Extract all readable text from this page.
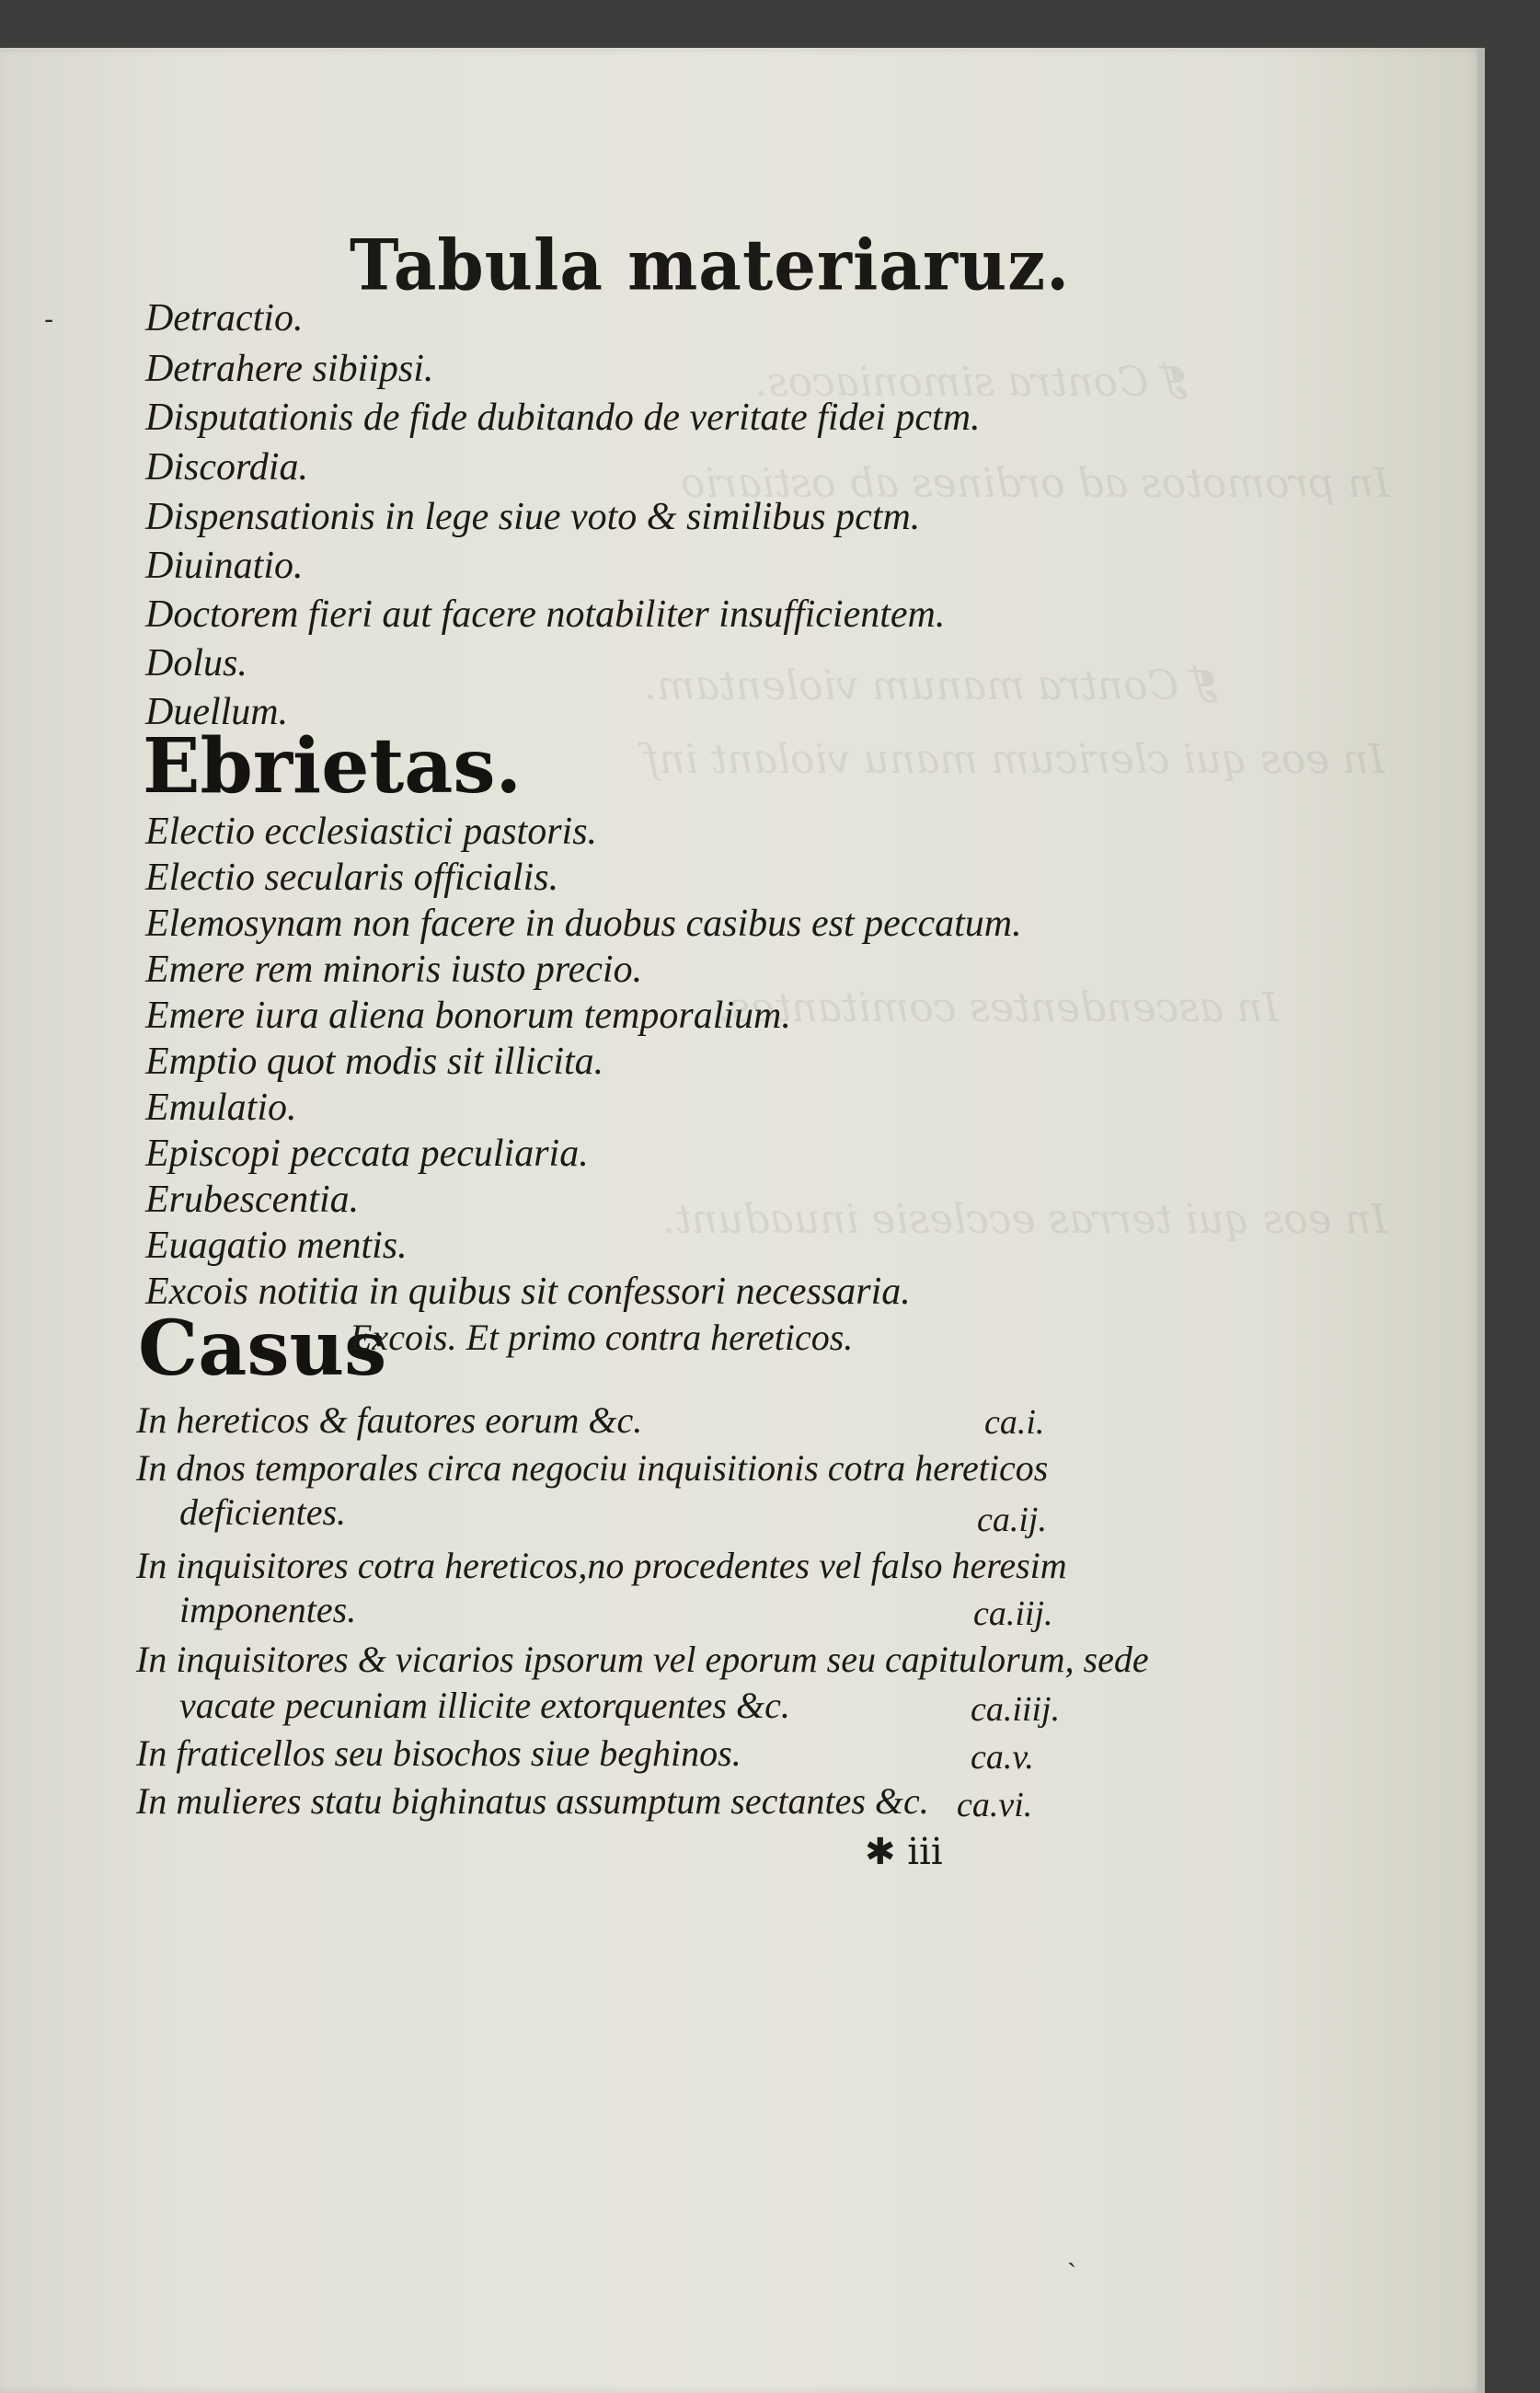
❡ Contra simoniacos.
In promotos ad ordines ab ostiario
❡ Contra manum violentam.
In eos qui clericum manu violant inf
In ascendentes comitantes.
In eos qui terras ecclesie inuadunt.
Tabula materiaruz.
Detractio.
Detrahere sibiipsi.
Disputationis de fide dubitando de veritate fidei pctm.
Discordia.
Dispensationis in lege siue voto & similibus pctm.
Diuinatio.
Doctorem fieri aut facere notabiliter insufficientem.
Dolus.
Duellum.
Ebrietas.
Electio ecclesiastici pastoris.
Electio secularis officialis.
Elemosynam non facere in duobus casibus est peccatum.
Emere rem minoris iusto precio.
Emere iura aliena bonorum temporalium.
Emptio quot modis sit illicita.
Emulatio.
Episcopi peccata peculiaria.
Erubescentia.
Euagatio mentis.
Excois notitia in quibus sit confessori necessaria.
Casus
Excois. Et primo contra hereticos.
In hereticos & fautores eorum &c.	ca.i.
In dnos temporales circa negociu inquisitionis cotra hereticos
deficientes.	ca.ij.
In inquisitores cotra hereticos,no procedentes vel falso heresim
imponentes.	ca.iij.
In inquisitores & vicarios ipsorum vel eporum seu capitulorum, sede
vacate pecuniam illicite extorquentes &c.	ca.iiij.
In fraticellos seu bisochos siue beghinos.	ca.v.
In mulieres statu bighinatus assumptum sectantes &c. ca.vi.
✱ iii
-
˴
